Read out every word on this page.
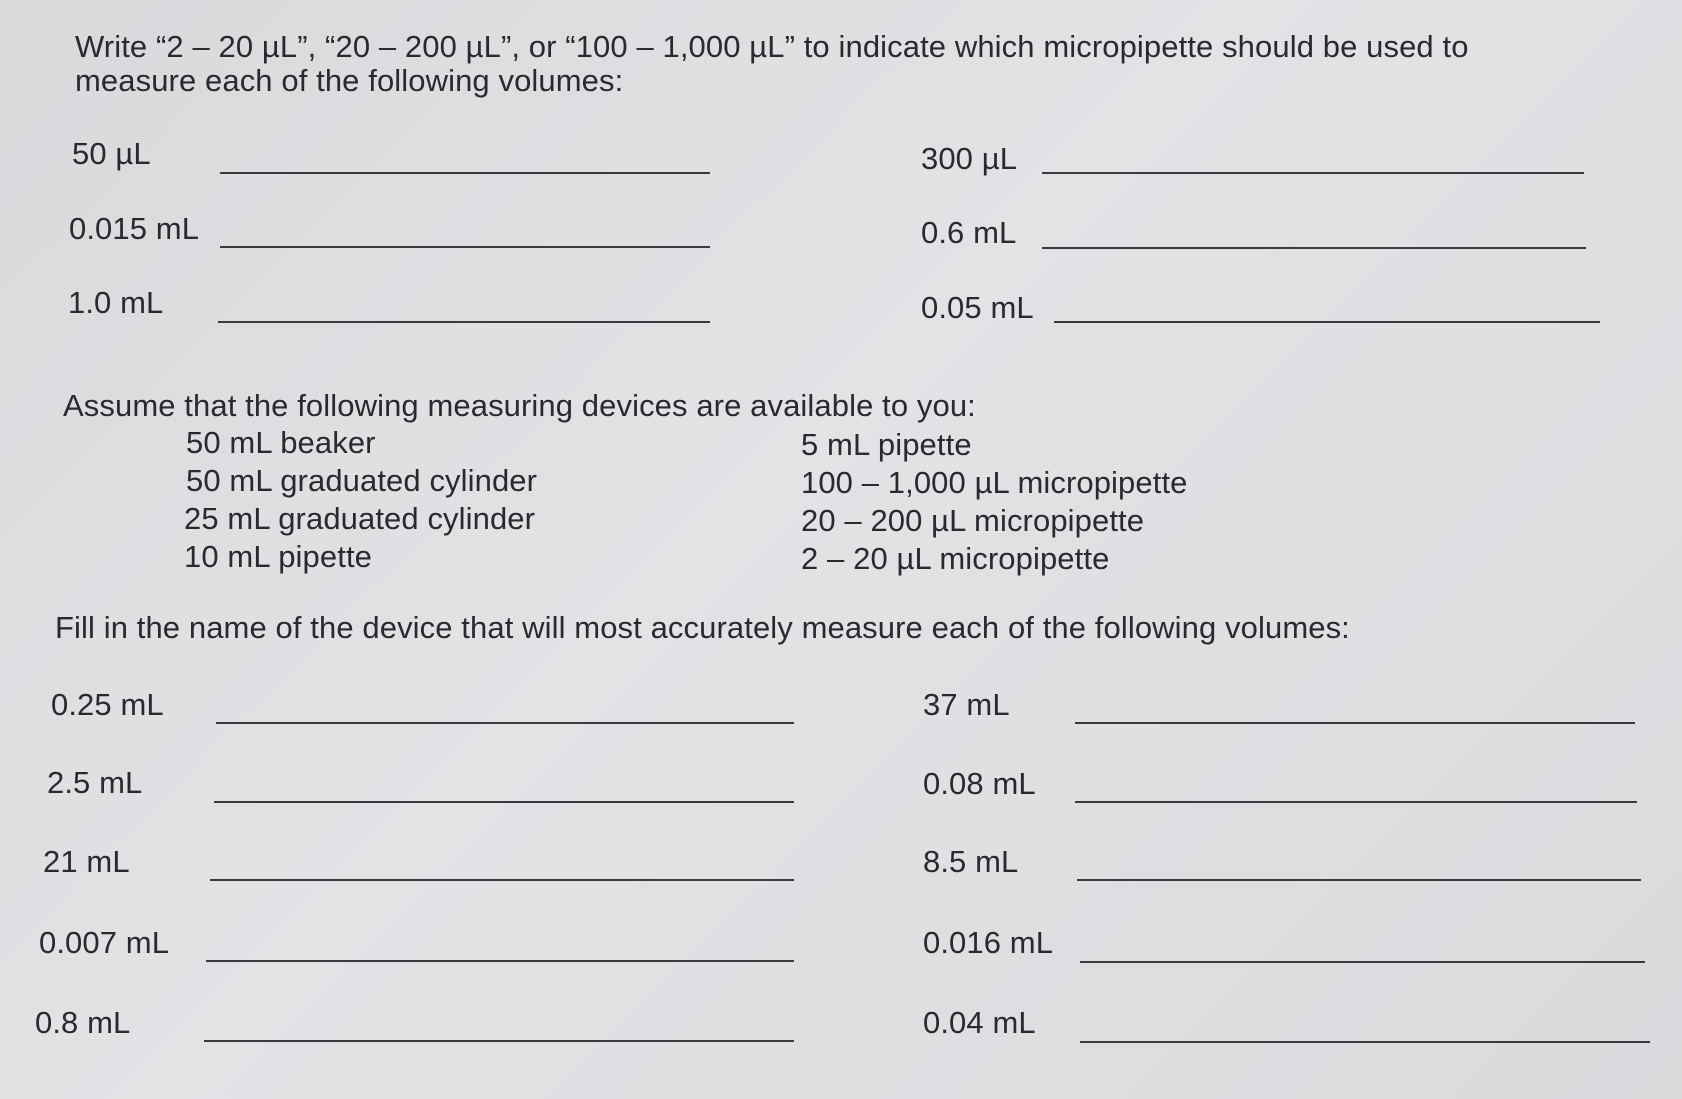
Write “2 – 20 µL”, “20 – 200 µL”, or “100 – 1,000 µL” to indicate which micropipette should be used to
measure each of the following volumes:
50 µL	300 µL
0.015 mL	0.6 mL
1.0 mL	0.05 mL
Assume that the following measuring devices are available to you:
50 mL beaker
50 mL graduated cylinder
25 mL graduated cylinder
10 mL pipette
5 mL pipette
100 – 1,000 µL micropipette
20 – 200 µL micropipette
2 – 20 µL micropipette
Fill in the name of the device that will most accurately measure each of the following volumes:
0.25 mL	37 mL
2.5 mL	0.08 mL
21 mL	8.5 mL
0.007 mL	0.016 mL
0.8 mL	0.04 mL
